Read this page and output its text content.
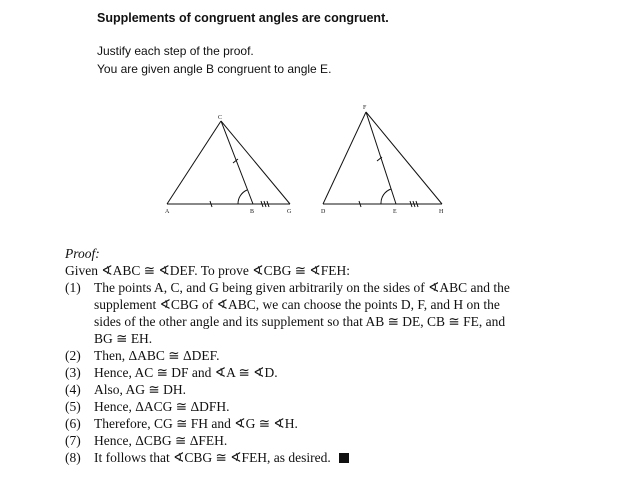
Supplements of congruent angles are congruent.
Justify each step of the proof.
You are given angle B congruent to angle E.
A	B
C
G	D	E
F
H
Proof:
Given ∢ABC ≅ ∢DEF. To prove ∢CBG ≅ ∢FEH:
(1) The points A, C, and G being given arbitrarily on the sides of ∢ABC and the supplement ∢CBG of ∢ABC, we can choose the points D, F, and H on the sides of the other angle and its supplement so that AB ≅ DE, CB ≅ FE, and BG ≅ EH.
(2) Then, ΔABC ≅ ΔDEF.
(3) Hence, AC ≅ DF and ∢A ≅ ∢D.
(4) Also, AG ≅ DH.
(5) Hence, ΔACG ≅ ΔDFH.
(6) Therefore, CG ≅ FH and ∢G ≅ ∢H.
(7) Hence, ΔCBG ≅ ΔFEH.
(8) It follows that ∢CBG ≅ ∢FEH, as desired.
